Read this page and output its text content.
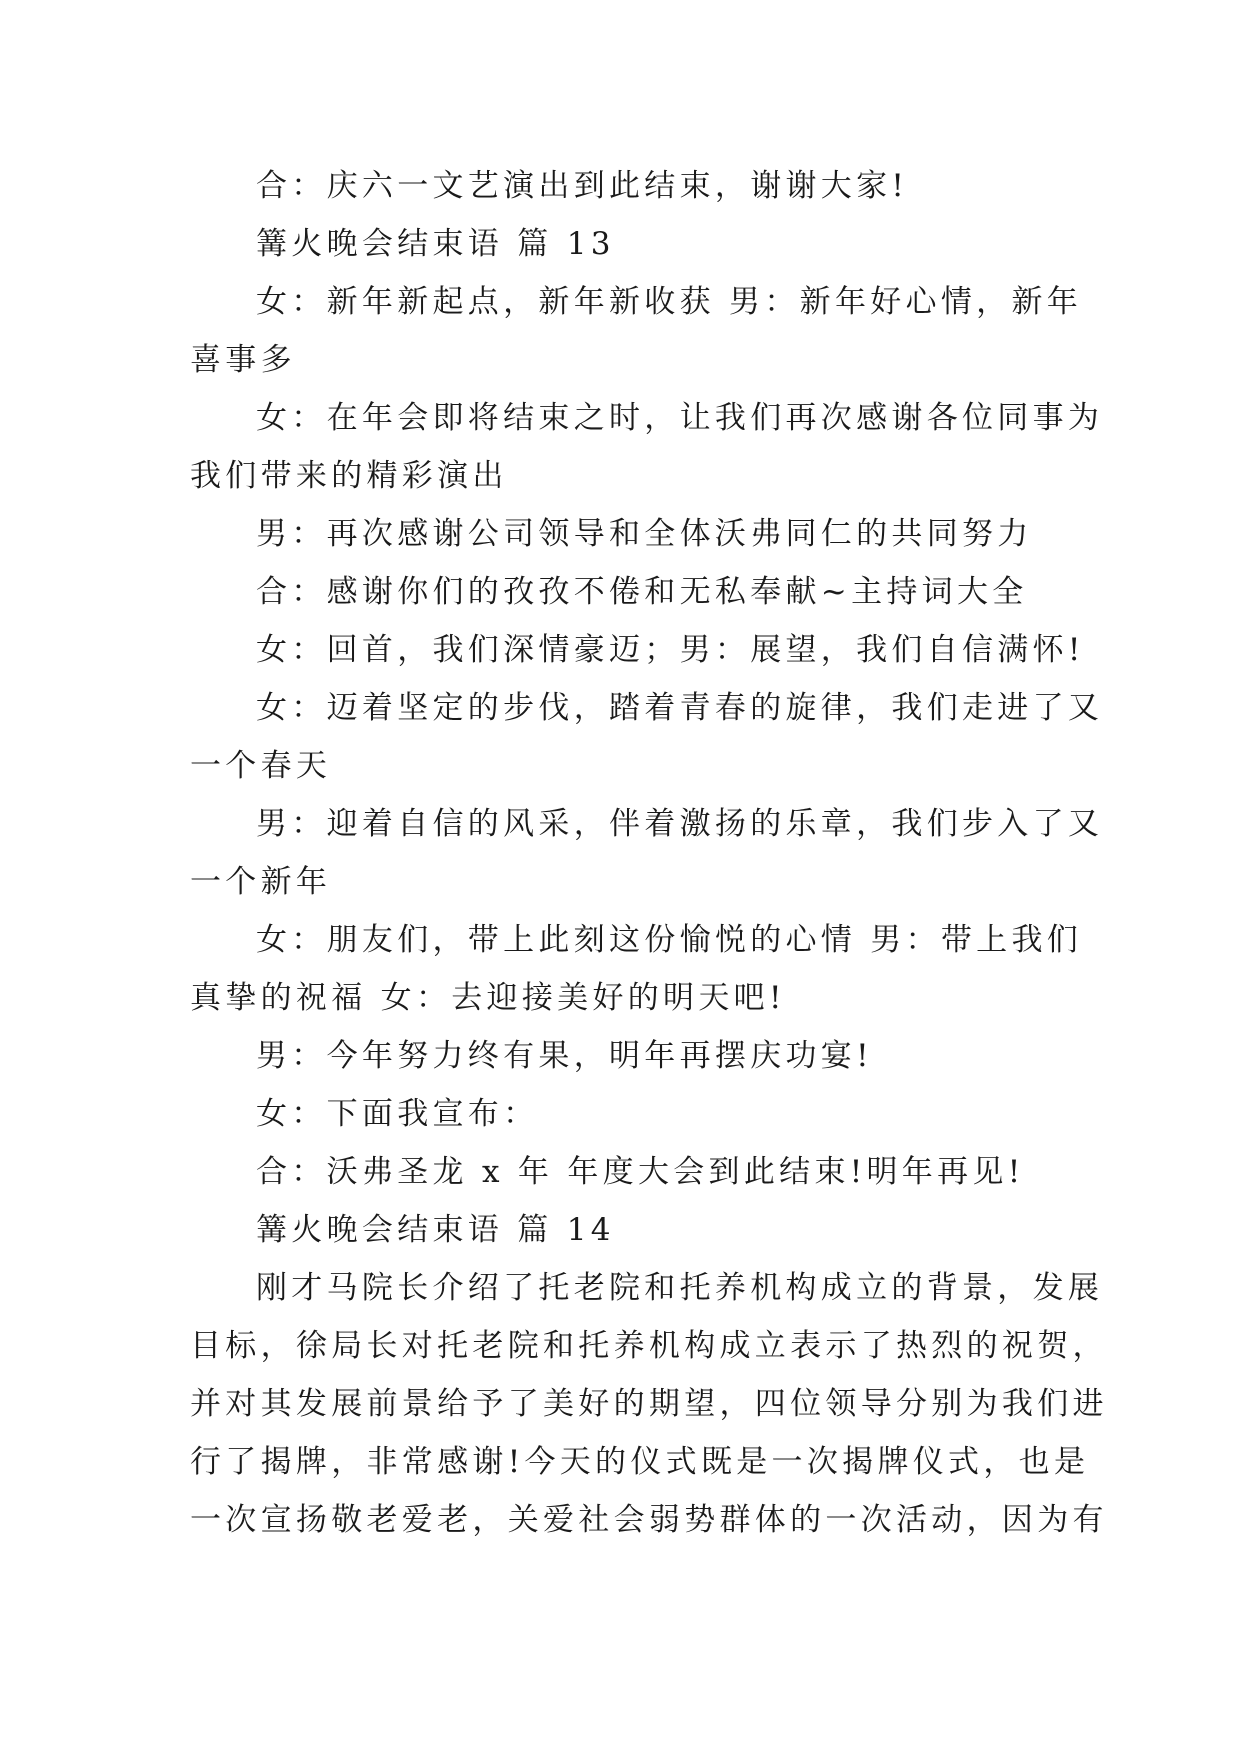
合：庆六一文艺演出到此结束，谢谢大家!
篝火晚会结束语 篇 13
女：新年新起点，新年新收获 男：新年好心情，新年
喜事多
女：在年会即将结束之时，让我们再次感谢各位同事为
我们带来的精彩演出
男：再次感谢公司领导和全体沃弗同仁的共同努力
合：感谢你们的孜孜不倦和无私奉献~主持词大全
女：回首，我们深情豪迈；男：展望，我们自信满怀!
女：迈着坚定的步伐，踏着青春的旋律，我们走进了又
一个春天
男：迎着自信的风采，伴着激扬的乐章，我们步入了又
一个新年
女：朋友们，带上此刻这份愉悦的心情 男：带上我们
真挚的祝福 女：去迎接美好的明天吧!
男：今年努力终有果，明年再摆庆功宴!
女：下面我宣布：
合：沃弗圣龙 x 年 年度大会到此结束!明年再见!
篝火晚会结束语 篇 14
刚才马院长介绍了托老院和托养机构成立的背景，发展
目标，徐局长对托老院和托养机构成立表示了热烈的祝贺，
并对其发展前景给予了美好的期望，四位领导分别为我们进
行了揭牌，非常感谢!今天的仪式既是一次揭牌仪式，也是
一次宣扬敬老爱老，关爱社会弱势群体的一次活动，因为有
